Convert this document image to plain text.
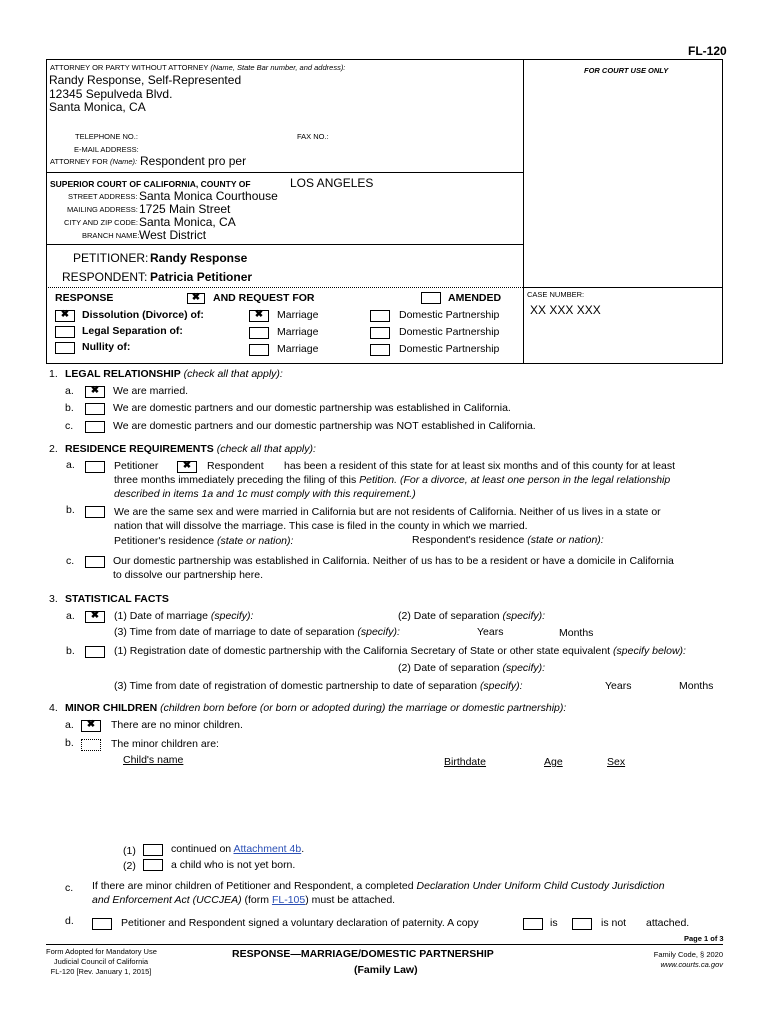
FL-120
ATTORNEY OR PARTY WITHOUT ATTORNEY (Name, State Bar number, and address):
Randy Response, Self-Represented
12345 Sepulveda Blvd.
Santa Monica, CA
FOR COURT USE ONLY
TELEPHONE NO.:	FAX NO.:
E-MAIL ADDRESS:
ATTORNEY FOR (Name): Respondent pro per
SUPERIOR COURT OF CALIFORNIA, COUNTY OF	LOS ANGELES
STREET ADDRESS: Santa Monica Courthouse
MAILING ADDRESS: 1725 Main Street
CITY AND ZIP CODE: Santa Monica, CA
BRANCH NAME: West District
PETITIONER: Randy Response
RESPONDENT: Patricia Petitioner
RESPONSE	✖	AND REQUEST FOR	AMENDED
✖	Dissolution (Divorce) of:	✖	Marriage	Domestic Partnership
Legal Separation of:	Marriage	Domestic Partnership
Nullity of:	Marriage	Domestic Partnership
CASE NUMBER:
XX XXX XXX
1. LEGAL RELATIONSHIP (check all that apply):
a.	✖	We are married.
b.	We are domestic partners and our domestic partnership was established in California.
c.	We are domestic partners and our domestic partnership was NOT established in California.
2. RESIDENCE REQUIREMENTS (check all that apply):
a.	Petitioner	✖	Respondent has been a resident of this state for at least six months and of this county for at least
three months immediately preceding the filing of this Petition. (For a divorce, at least one person in the legal relationship
described in items 1a and 1c must comply with this requirement.)
b.	We are the same sex and were married in California but are not residents of California. Neither of us lives in a state or
nation that will dissolve the marriage. This case is filed in the county in which we married.
Petitioner's residence (state or nation):	Respondent's residence (state or nation):
c.	Our domestic partnership was established in California. Neither of us has to be a resident or have a domicile in California
to dissolve our partnership here.
3. STATISTICAL FACTS
a.	✖	(1) Date of marriage (specify):	(2) Date of separation (specify):
(3) Time from date of marriage to date of separation (specify):	Years	Months
b.	(1) Registration date of domestic partnership with the California Secretary of State or other state equivalent (specify below):
(2) Date of separation (specify):
(3) Time from date of registration of domestic partnership to date of separation (specify):	Years	Months
4. MINOR CHILDREN (children born before (or born or adopted during) the marriage or domestic partnership):
a.	✖	There are no minor children.
b.	The minor children are:
Child's name	Birthdate	Age	Sex
(1)	continued on Attachment 4b.
(2)	a child who is not yet born.
c. If there are minor children of Petitioner and Respondent, a completed Declaration Under Uniform Child Custody Jurisdiction
and Enforcement Act (UCCJEA) (form FL-105) must be attached.
d.	Petitioner and Respondent signed a voluntary declaration of paternity. A copy	is	is not attached.
Page 1 of 3
Form Adopted for Mandatory Use
Judicial Council of California
FL-120 [Rev. January 1, 2015]
RESPONSE—MARRIAGE/DOMESTIC PARTNERSHIP
(Family Law)
Family Code, § 2020
www.courts.ca.gov
